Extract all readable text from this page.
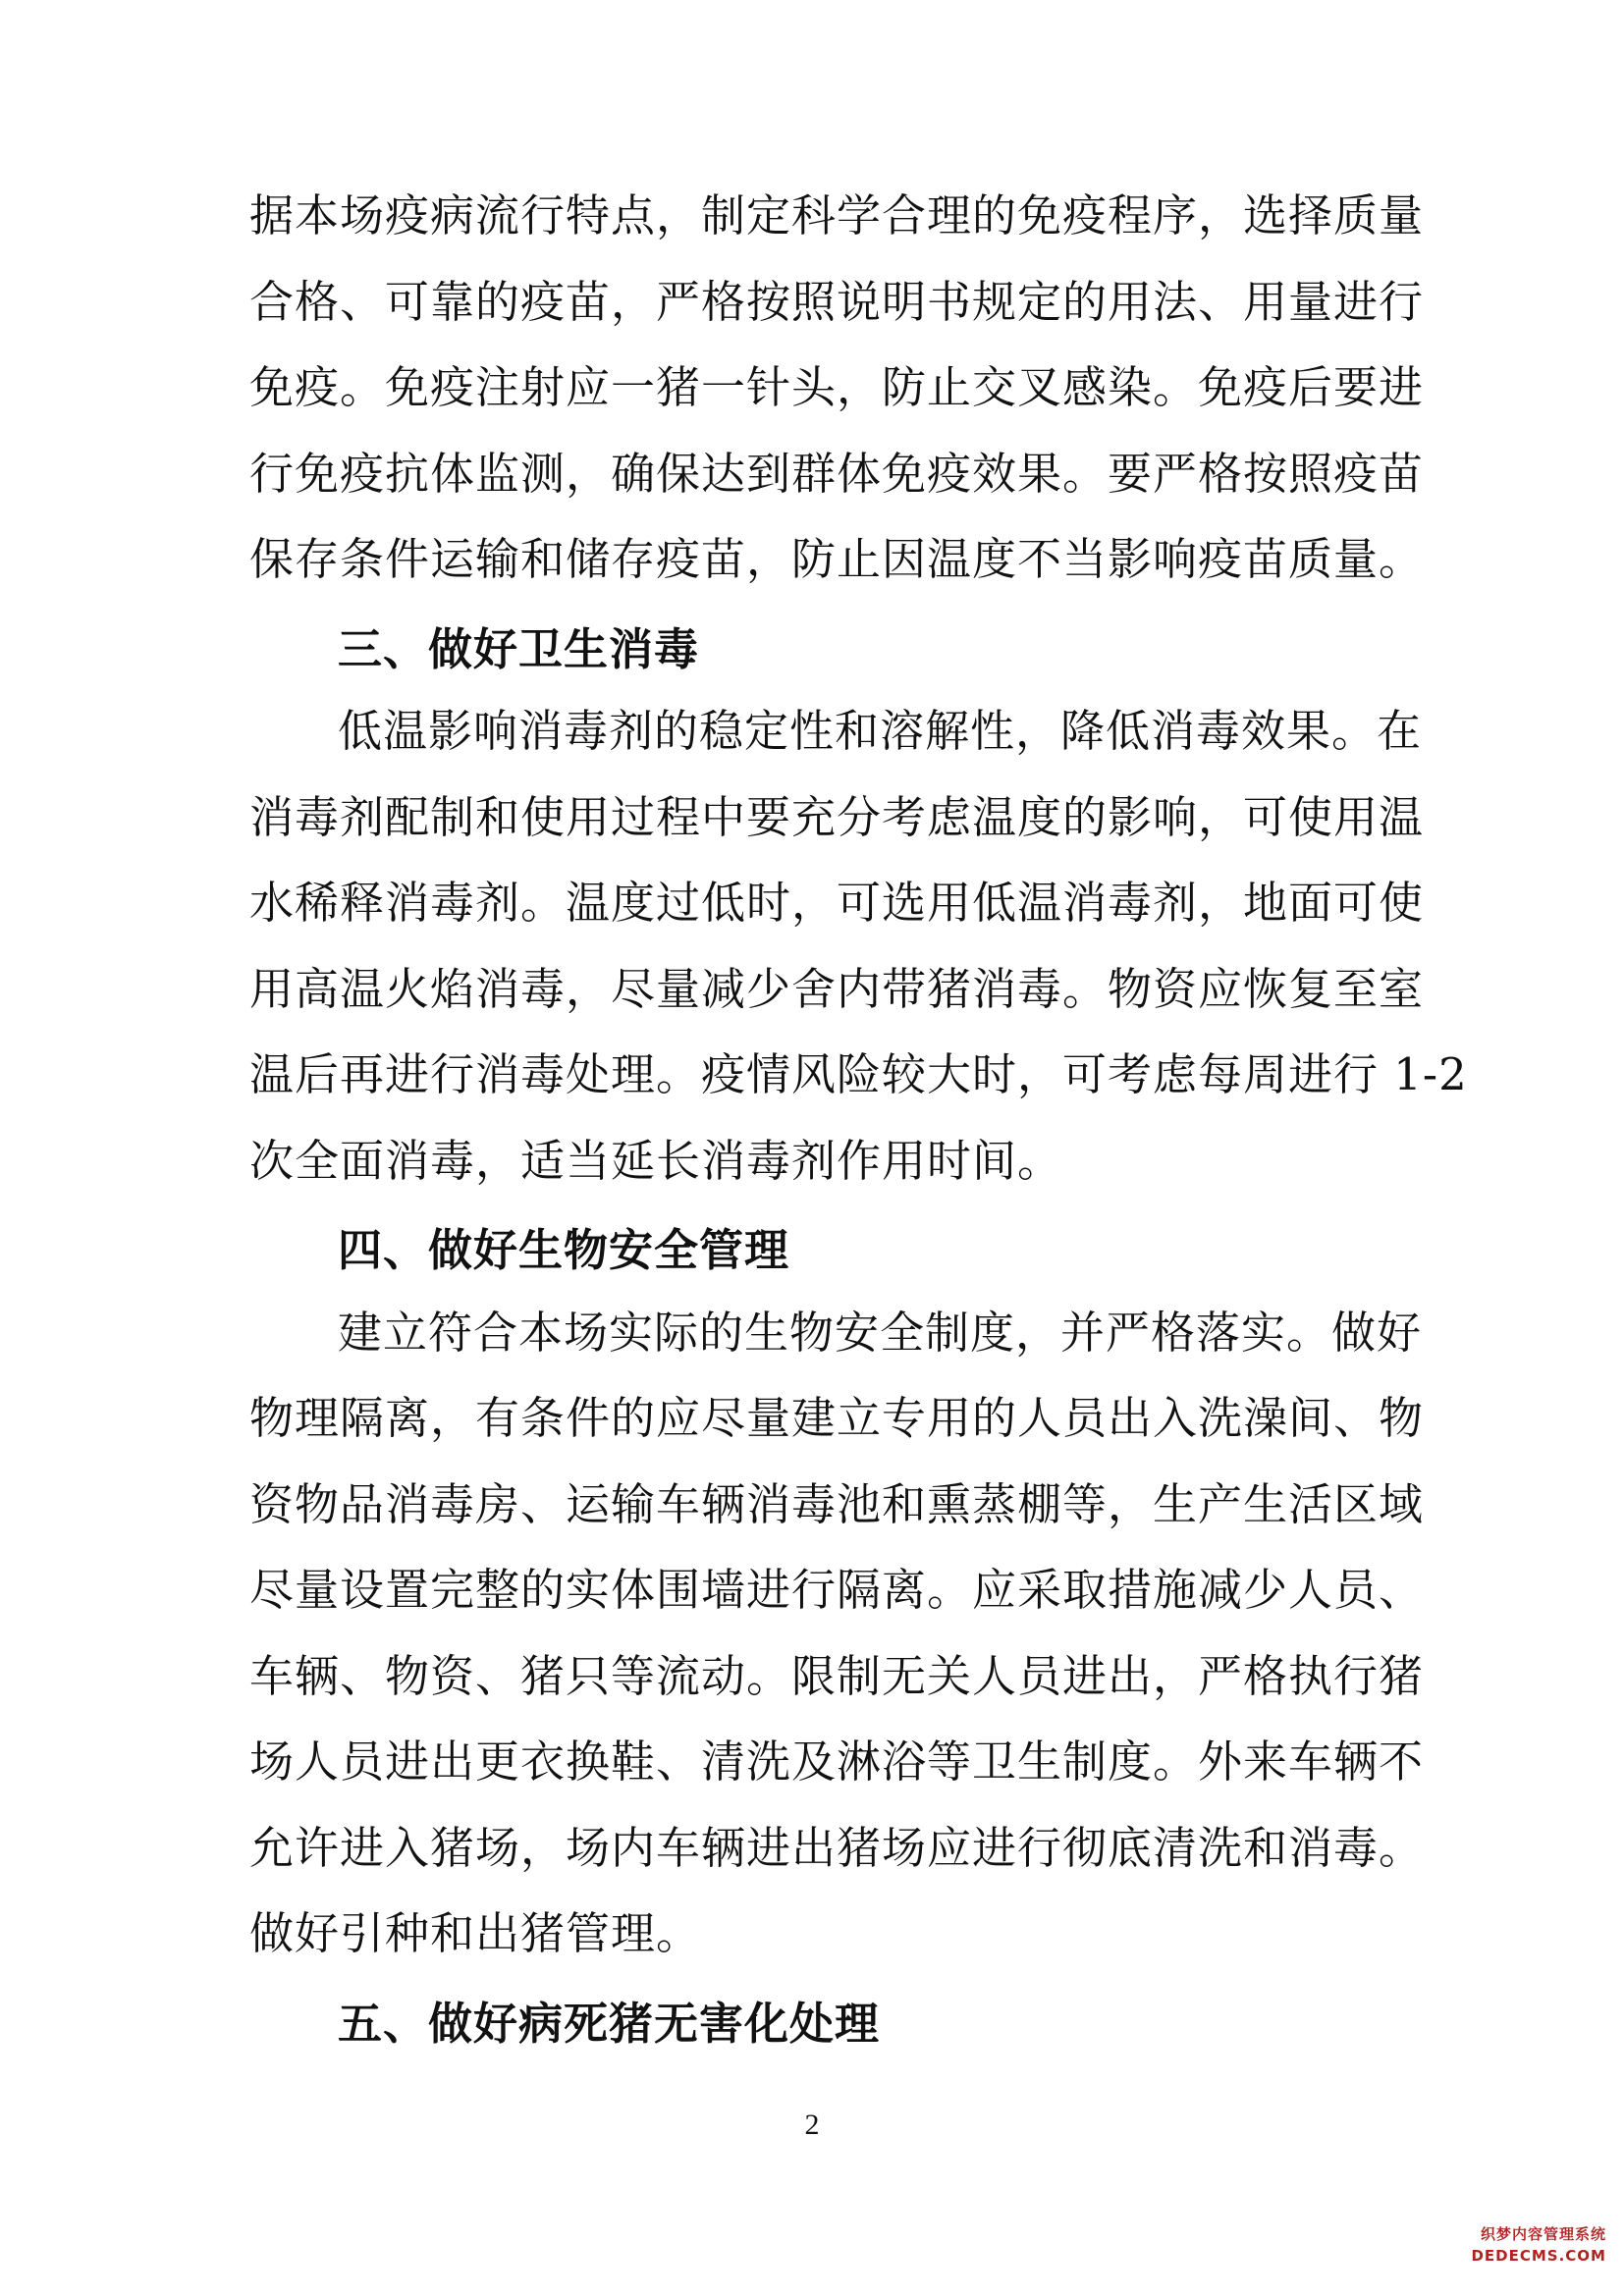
据本场疫病流行特点，制定科学合理的免疫程序，选择质量
合格、可靠的疫苗，严格按照说明书规定的用法、用量进行
免疫。免疫注射应一猪一针头，防止交叉感染。免疫后要进
行免疫抗体监测，确保达到群体免疫效果。要严格按照疫苗
保存条件运输和储存疫苗，防止因温度不当影响疫苗质量。
三、做好卫生消毒
低温影响消毒剂的稳定性和溶解性，降低消毒效果。在
消毒剂配制和使用过程中要充分考虑温度的影响，可使用温
水稀释消毒剂。温度过低时，可选用低温消毒剂，地面可使
用高温火焰消毒，尽量减少舍内带猪消毒。物资应恢复至室
温后再进行消毒处理。疫情风险较大时，可考虑每周进行 1-2
次全面消毒，适当延长消毒剂作用时间。
四、做好生物安全管理
建立符合本场实际的生物安全制度，并严格落实。做好
物理隔离，有条件的应尽量建立专用的人员出入洗澡间、物
资物品消毒房、运输车辆消毒池和熏蒸棚等，生产生活区域
尽量设置完整的实体围墙进行隔离。应采取措施减少人员、
车辆、物资、猪只等流动。限制无关人员进出，严格执行猪
场人员进出更衣换鞋、清洗及淋浴等卫生制度。外来车辆不
允许进入猪场，场内车辆进出猪场应进行彻底清洗和消毒。
做好引种和出猪管理。
五、做好病死猪无害化处理
2
织梦内容管理系统
DEDECMS.COM
